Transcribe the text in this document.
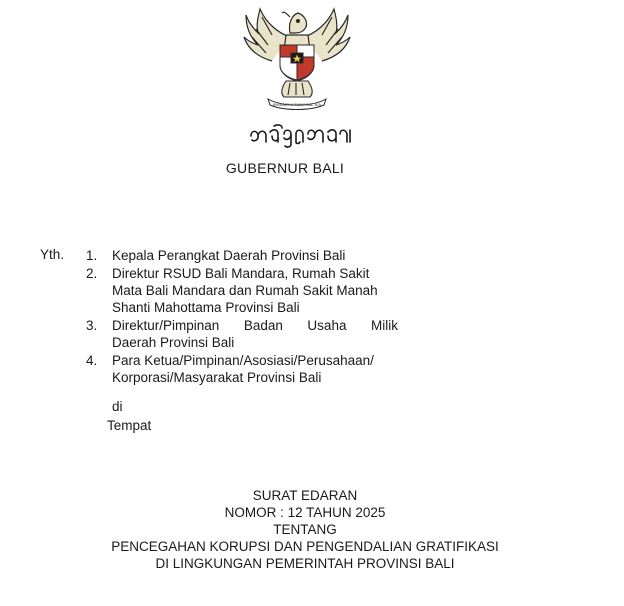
BHINNEKA TUNGGAL IKA
GUBERNUR BALI
Yth. 1.	Kepala Perangkat Daerah Provinsi Bali
2.	Direktur RSUD Bali Mandara, Rumah Sakit
Mata Bali Mandara dan Rumah Sakit Manah
Shanti Mahottama Provinsi Bali
3.	Direktur/Pimpinan Badan Usaha Milik
Daerah Provinsi Bali
4.	Para Ketua/Pimpinan/Asosiasi/Perusahaan/
Korporasi/Masyarakat Provinsi Bali
di
Tempat
SURAT EDARAN
NOMOR : 12 TAHUN 2025
TENTANG
PENCEGAHAN KORUPSI DAN PENGENDALIAN GRATIFIKASI
DI LINGKUNGAN PEMERINTAH PROVINSI BALI
